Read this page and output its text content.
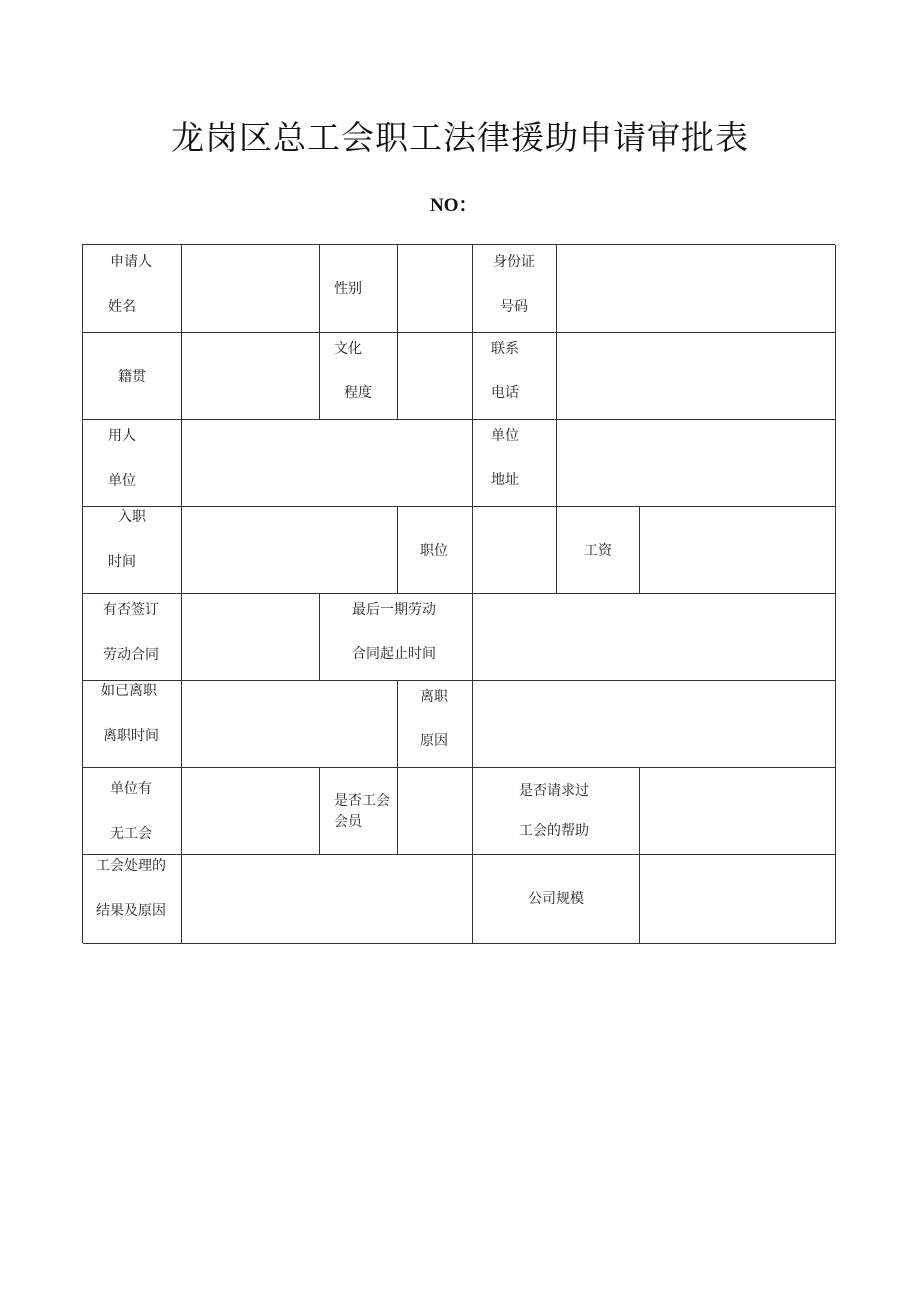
龙岗区总工会职工法律援助申请审批表
NO：
申请人
姓名
性别
身份证
号码
籍贯
文化
程度
联系
电话
用人
单位
单位
地址
入职
时间
职位	工资
有否签订
劳动合同
最后一期劳动
合同起止时间
如已离职
离职时间
离职
原因
单位有
无工会
是否工会
会员
是否请求过
工会的帮助
工会处理的
结果及原因
公司规模
